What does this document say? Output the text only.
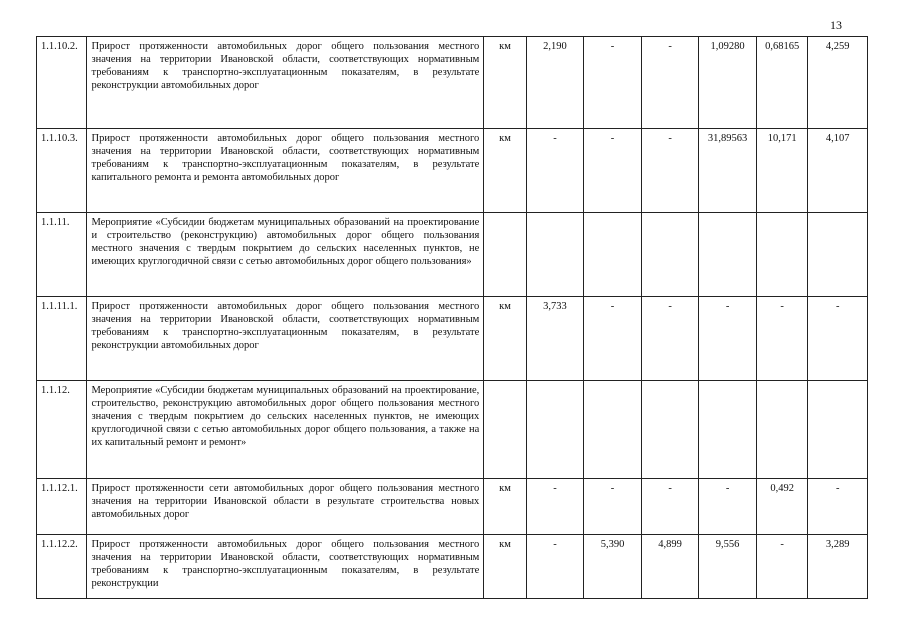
13
1.1.10.2.	Прирост протяженности автомобильных дорог общего пользования местного значения на территории Ивановской области, соответствующих нормативным требованиям к транспортно-эксплуатационным показателям, в результате реконструкции автомобильных дорог	км	2,190	-	-	1,09280	0,68165	4,259
1.1.10.3.	Прирост протяженности автомобильных дорог общего пользования местного значения на территории Ивановской области, соответствующих нормативным требованиям к транспортно-эксплуатационным показателям, в результате капитального ремонта и ремонта автомобильных дорог	км	-	-	-	31,89563	10,171	4,107
1.1.11.	Мероприятие «Субсидии бюджетам муниципальных образований на проектирование и строительство (реконструкцию) автомобильных дорог общего пользования местного значения с твердым покрытием до сельских населенных пунктов, не имеющих круглогодичной связи с сетью автомобильных дорог общего пользования»							
1.1.11.1.	Прирост протяженности автомобильных дорог общего пользования местного значения на территории Ивановской области, соответствующих нормативным требованиям к транспортно-эксплуатационным показателям, в результате реконструкции автомобильных дорог	км	3,733	-	-	-	-	-
1.1.12.	Мероприятие «Субсидии бюджетам муниципальных образований на проектирование, строительство, реконструкцию автомобильных дорог общего пользования местного значения с твердым покрытием до сельских населенных пунктов, не имеющих круглогодичной связи с сетью автомобильных дорог общего пользования, а также на их капитальный ремонт и ремонт»							
1.1.12.1.	Прирост протяженности сети автомобильных дорог общего пользования местного значения на территории Ивановской области в результате строительства новых автомобильных дорог	км	-	-	-	-	0,492	-
1.1.12.2.	Прирост протяженности автомобильных дорог общего пользования местного значения на территории Ивановской области, соответствующих нормативным требованиям к транспортно-эксплуатационным показателям, в результате реконструкции	км	-	5,390	4,899	9,556	-	3,289
